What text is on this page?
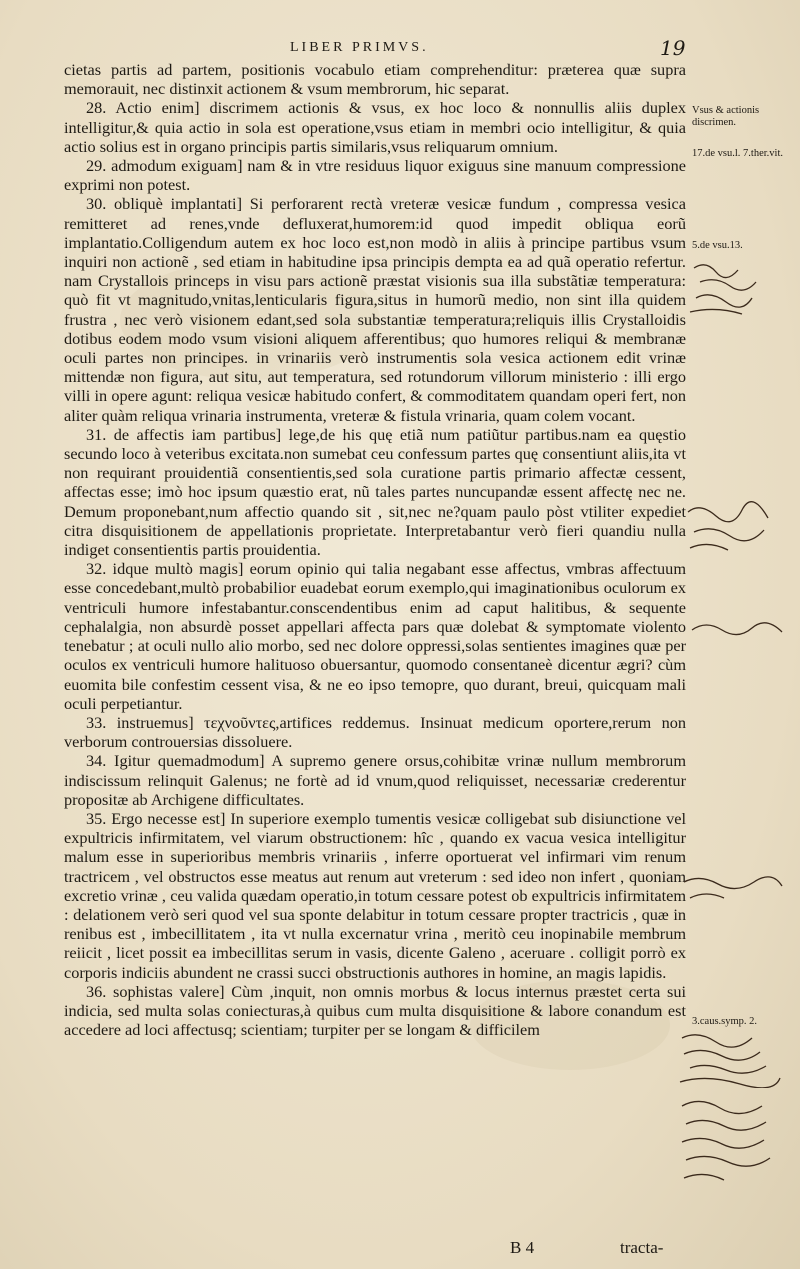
LIBER PRIMVS.	19

cietas partis ad partem, positionis vocabulo etiam comprehenditur: præterea quæ supra memorauit, nec distinxit actionem & vsum membrorum, hic separat.

28. Actio enim] discrimem actionis & vsus, ex hoc loco & nonnullis aliis duplex intelligitur,& quia actio in sola est operatione,vsus etiam in membri ocio intelligitur, & quia actio solius est in organo principis partis similaris,vsus reliquarum omnium.

29. admodum exiguam] nam & in vtre residuus liquor exiguus sine manuum compressione exprimi non potest.

30. obliquè implantati] Si perforarent rectà vreteræ vesicæ fundum , compressa vesica remitteret ad renes,vnde defluxerat,humorem:id quod impedit obliqua eorũ implantatio.Colligendum autem ex hoc loco est,non modò in aliis à principe partibus vsum inquiri non actionẽ , sed etiam in habitudine ipsa principis dempta ea ad quã operatio refertur. nam Crystallois princeps in visu pars actionẽ præstat visionis sua illa substãtiæ temperatura: quò fit vt magnitudo,vnitas,lenticularis figura,situs in humorũ medio, non sint illa quidem frustra , nec verò visionem edant,sed sola substantiæ temperatura;reliquis illis Crystalloidis dotibus eodem modo vsum visioni aliquem afferentibus; quo humores reliqui & membranæ oculi partes non principes. in vrinariis verò instrumentis sola vesica actionem edit vrinæ mittendæ non figura, aut situ, aut temperatura, sed rotundorum villorum ministerio : illi ergo villi in opere agunt: reliqua vesicæ habitudo confert, & commoditatem quandam operi fert, non aliter quàm reliqua vrinaria instrumenta, vreteræ & fistula vrinaria, quam colem vocant.

31. de affectis iam partibus] lege,de his quę etiã num patiũtur partibus.nam ea quęstio secundo loco à veteribus excitata.non sumebat ceu confessum partes quę consentiunt aliis,ita vt non requirant prouidentiã consentientis,sed sola curatione partis primario affectæ cessent, affectas esse; imò hoc ipsum quæstio erat, nũ tales partes nuncupandæ essent affectę nec ne. Demum proponebant,num affectio quando sit , sit,nec ne?quam paulo pòst vtiliter expediet citra disquisitionem de appellationis proprietate. Interpretabantur verò fieri quandiu nulla indiget consentientis partis prouidentia.

32. idque multò magis] eorum opinio qui talia negabant esse affectus, vmbras affectuum esse concedebant,multò probabilior euadebat eorum exemplo,qui imaginationibus oculorum ex ventriculi humore infestabantur.conscendentibus enim ad caput halitibus, & sequente cephalalgia, non absurdè posset appellari affecta pars quæ dolebat & symptomate violento tenebatur ; at oculi nullo alio morbo, sed nec dolore oppressi,solas sentientes imagines quæ per oculos ex ventriculi humore halituoso obuersantur, quomodo consentaneè dicentur ægri? cùm euomita bile confestim cessent visa, & ne eo ipso temopre, quo durant, breui, quicquam mali oculi perpetiantur.

33. instruemus] τεχνοῦντες,artifices reddemus. Insinuat medicum oportere,rerum non verborum controuersias dissoluere.

34. Igitur quemadmodum] A supremo genere orsus,cohibitæ vrinæ nullum membrorum indiscissum relinquit Galenus; ne fortè ad id vnum,quod reliquisset, necessariæ crederentur propositæ ab Archigene difficultates.

35. Ergo necesse est] In superiore exemplo tumentis vesicæ colligebat sub disiunctione vel expultricis infirmitatem, vel viarum obstructionem: hîc , quando ex vacua vesica intelligitur malum esse in superioribus membris vrinariis , inferre oportuerat vel infirmari vim renum tractricem , vel obstructos esse meatus aut renum aut vreterum : sed ideo non infert , quoniam excretio vrinæ , ceu valida quædam operatio,in totum cessare potest ob expultricis infirmitatem : delationem verò seri quod vel sua sponte delabitur in totum cessare propter tractricis , quæ in renibus est , imbecillitatem , ita vt nulla excernatur vrina , meritò ceu inopinabile membrum reiicit , licet possit ea imbecillitas serum in vasis, dicente Galeno , aceruare . colligit porrò ex corporis indiciis abundent ne crassi succi obstructionis authores in homine, an magis lapidis.

36. sophistas valere] Cùm ,inquit, non omnis morbus & locus internus præstet certa sui indicia, sed multa solas coniecturas,à quibus cum multa disquisitione & labore conandum est accedere ad loci affectusq; scientiam; turpiter per se longam & difficilem

Vsus & actionis discrimen.
17.de vsu.l. 7.ther.vit.
5.de vsu.13.
3.caus.symp. 2.
B 4	tracta-
